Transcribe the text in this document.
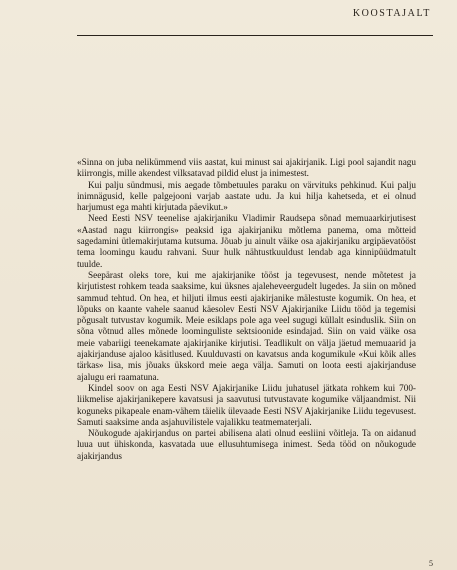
KOOSTAJALT

«Sinna on juba nelikümmend viis aastat, kui minust sai ajakirjanik. Ligi pool sajandit nagu kiirrongis, mille akendest vilksatavad pildid elust ja inimestest.

Kui palju sündmusi, mis aegade tõmbetuules paraku on värvituks pehkinud. Kui palju inimnägusid, kelle palgejooni varjab aastate udu. Ja kui hilja kahetseda, et ei olnud harjumust ega mahti kirjutada päevikut.»

Need Eesti NSV teenelise ajakirjaniku Vladimir Raudsepa sõnad memuaarkirjutisest «Aastad nagu kiirrongis» peaksid iga ajakirjaniku mõtlema panema, oma mõtteid sagedamini ütlemakirjutama kutsuma. Jõuab ju ainult väike osa ajakirjaniku argipäevatööst tema loomingu kaudu rahvani. Suur hulk nähtustkuuldust lendab aga kinnipüüdmatult tuulde.

Seepärast oleks tore, kui me ajakirjanike tööst ja tegevusest, nende mõtetest ja kirjutistest rohkem teada saaksime, kui üksnes ajaleheveergudelt lugedes. Ja siin on mõned sammud tehtud. On hea, et hiljuti ilmus eesti ajakirjanike mälestuste kogumik. On hea, et lõpuks on kaante vahele saanud käesolev Eesti NSV Ajakirjanike Liidu tööd ja tegemisi põgusalt tutvustav kogumik. Meie esiklaps pole aga veel sugugi küllalt esinduslik. Siin on sõna võtnud alles mõnede loominguliste sektsioonide esindajad. Siin on vaid väike osa meie vabariigi teenekamate ajakirjanike kirjutisi. Teadlikult on välja jäetud memuaarid ja ajakirjanduse ajaloo käsitlused. Kuulduvasti on kavatsus anda kogumikule «Kui kõik alles tärkas» lisa, mis jõuaks ükskord meie aega välja. Samuti on loota eesti ajakirjanduse ajalugu eri raamatuna.

Kindel soov on aga Eesti NSV Ajakirjanike Liidu juhatusel jätkata rohkem kui 700-liikmelise ajakirjanikepere kavatsusi ja saavutusi tutvustavate kogumike väljaandmist. Nii koguneks pikapeale enam-vähem täielik ülevaade Eesti NSV Ajakirjanike Liidu tegevusest. Samuti saaksime anda asjahuvilistele vajalikku teatmematerjali.

Nõukogude ajakirjandus on partei abilisena alati olnud eesliini võitleja. Ta on aidanud luua uut ühiskonda, kasvatada uue ellusuhtumisega inimest. Seda tööd on nõukogude ajakirjandus

5
